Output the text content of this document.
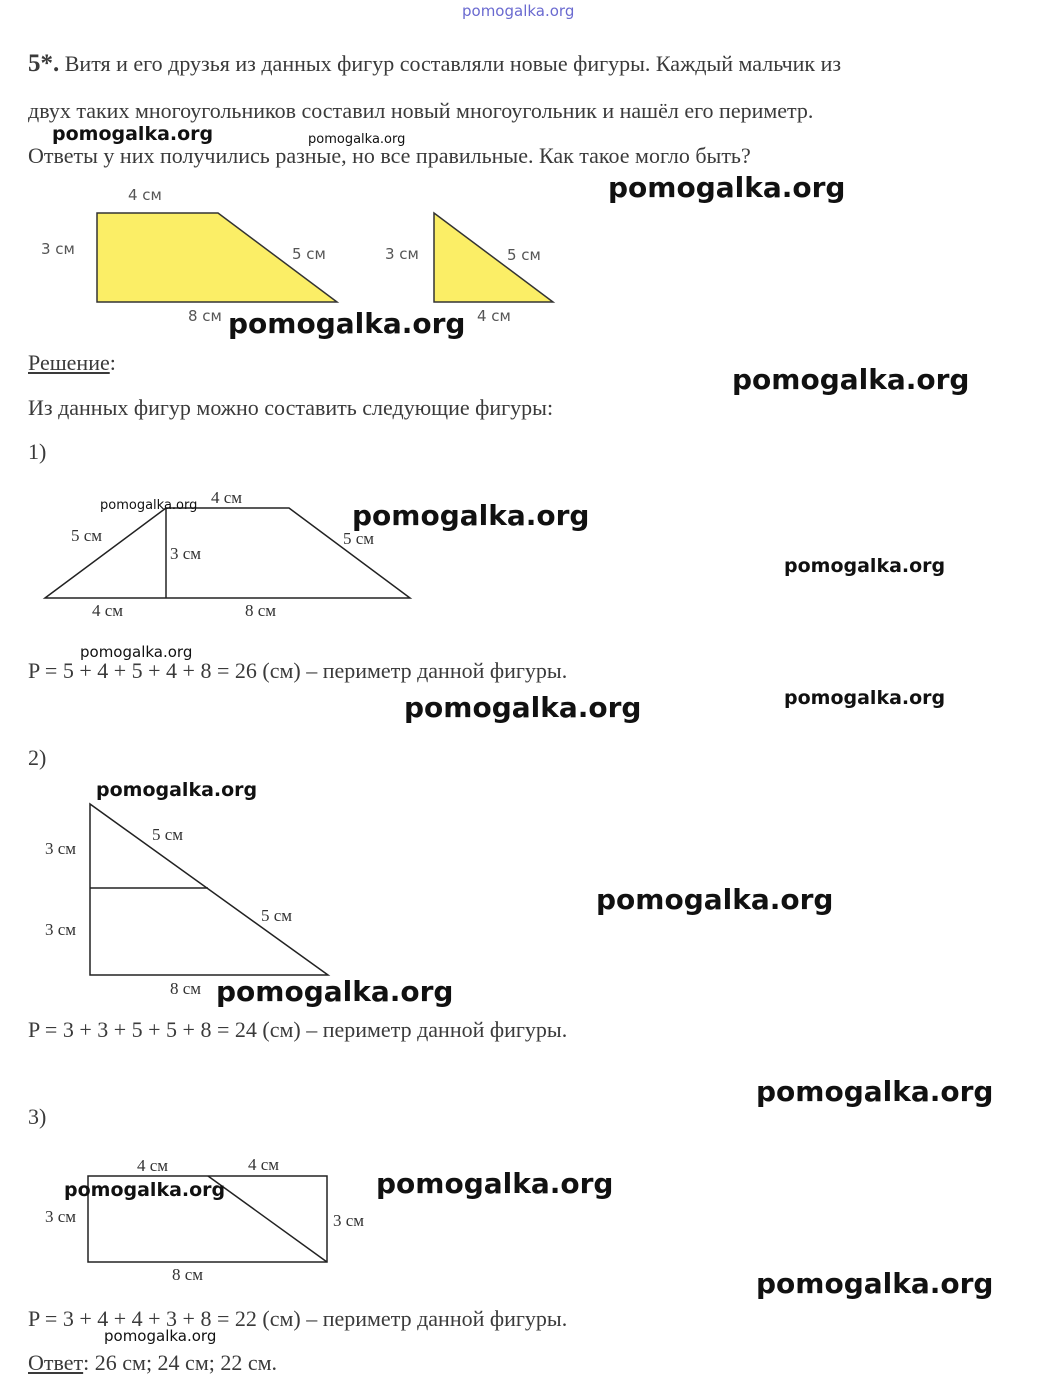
pomogalka.org
5*. Витя и его друзья из данных фигур составляли новые фигуры. Каждый мальчик из
двух таких многоугольников составил новый многоугольник и нашёл его периметр.
Ответы у них получились разные, но все правильные. Как такое могло быть?
4 см
3 см	5 см
8 см
3 см	5 см
4 см
Решение:
Из данных фигур можно составить следующие фигуры:
1)
5 см
4 см
3 см
5 см
4 см	8 см
P = 5 + 4 + 5 + 4 + 8 = 26 (см) – периметр данной фигуры.
2)
3 см
5 см
5 см
3 см
8 см
P = 3 + 3 + 5 + 5 + 8 = 24 (см) – периметр данной фигуры.
3)
4 см	4 см
3 см	3 см
8 см
P = 3 + 4 + 4 + 3 + 8 = 22 (см) – периметр данной фигуры.
Ответ: 26 см; 24 см; 22 см.
pomogalka.org	pomogalka.org
pomogalka.org
pomogalka.org
pomogalka.org
pomogalka.org	pomogalka.org
pomogalka.org
pomogalka.org
pomogalka.org
pomogalka.org
pomogalka.org
pomogalka.org
pomogalka.org
pomogalka.org
pomogalka.org	pomogalka.org
pomogalka.org
pomogalka.org
